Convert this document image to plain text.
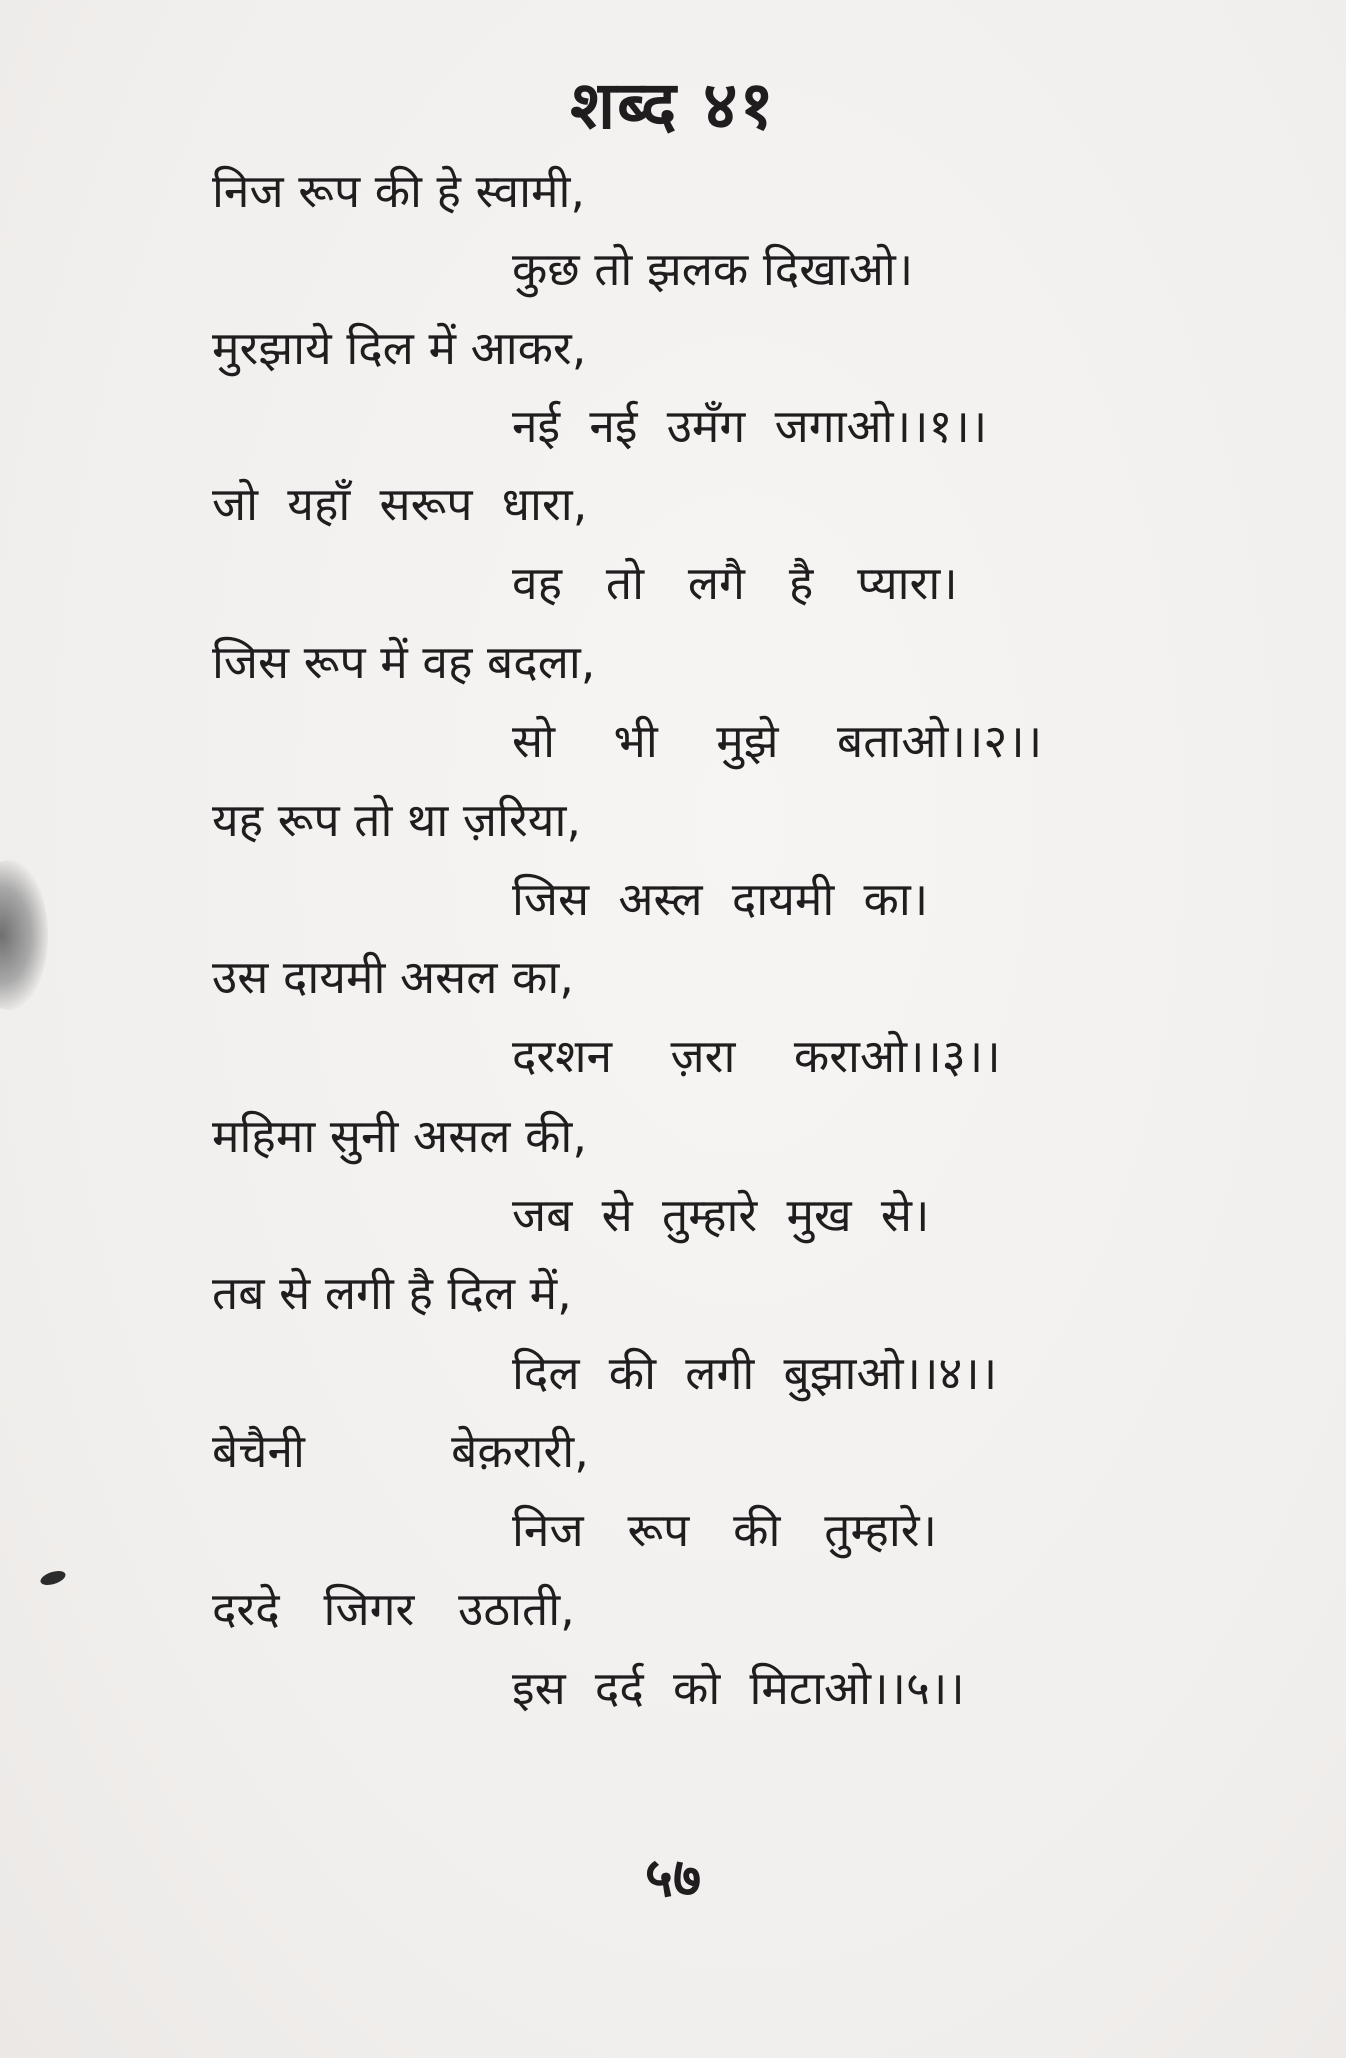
शब्द ४१
निज रूप की हे स्वामी,
कुछ तो झलक दिखाओ।
मुरझाये दिल में आकर,
नई  नई  उमँग  जगाओ।।१।।
जो  यहाँ  सरूप  धारा,
वह   तो   लगै   है   प्यारा।
जिस रूप में वह बदला,
सो    भी    मुझे    बताओ।।२।।
यह रूप तो था ज़रिया,
जिस  अस्ल  दायमी  का।
उस दायमी असल का,
दरशन    ज़रा    कराओ।।३।।
महिमा सुनी असल की,
जब  से  तुम्हारे  मुख  से।
तब से लगी है दिल में,
दिल  की  लगी  बुझाओ।।४।।
बेचैनी          बेक़रारी,
निज   रूप   की   तुम्हारे।
दरदे   जिगर   उठाती,
इस  दर्द  को  मिटाओ।।५।।
५७
